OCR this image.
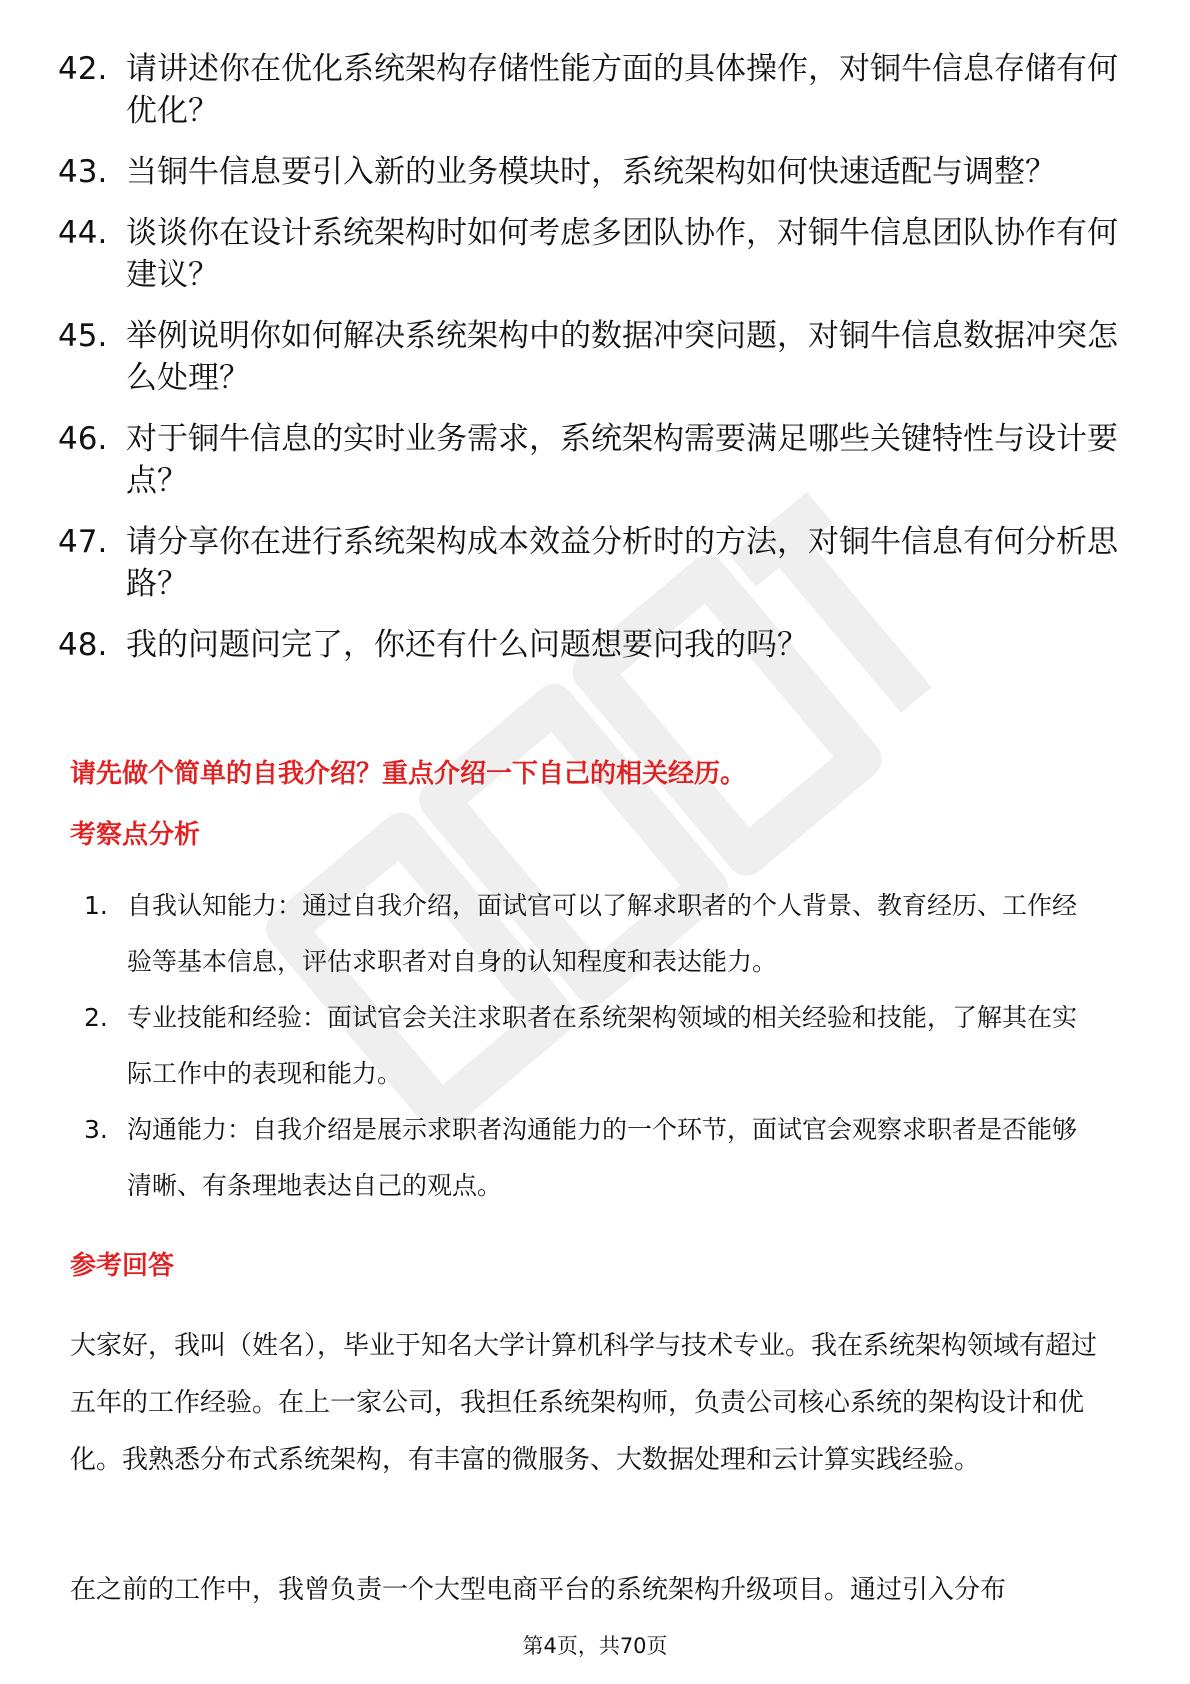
42. 请讲述你在优化系统架构存储性能方面的具体操作，对铜牛信息存储有何优化？
43. 当铜牛信息要引入新的业务模块时，系统架构如何快速适配与调整？
44. 谈谈你在设计系统架构时如何考虑多团队协作，对铜牛信息团队协作有何建议？
45. 举例说明你如何解决系统架构中的数据冲突问题，对铜牛信息数据冲突怎么处理？
46. 对于铜牛信息的实时业务需求，系统架构需要满足哪些关键特性与设计要点？
47. 请分享你在进行系统架构成本效益分析时的方法，对铜牛信息有何分析思路？
48. 我的问题问完了，你还有什么问题想要问我的吗？
请先做个简单的自我介绍？重点介绍一下自己的相关经历。
考察点分析
1. 自我认知能力：通过自我介绍，面试官可以了解求职者的个人背景、教育经历、工作经验等基本信息，评估求职者对自身的认知程度和表达能力。
2. 专业技能和经验：面试官会关注求职者在系统架构领域的相关经验和技能，了解其在实际工作中的表现和能力。
3. 沟通能力：自我介绍是展示求职者沟通能力的一个环节，面试官会观察求职者是否能够清晰、有条理地表达自己的观点。
参考回答

大家好，我叫（姓名），毕业于知名大学计算机科学与技术专业。我在系统架构领域有超过五年的工作经验。在上一家公司，我担任系统架构师，负责公司核心系统的架构设计和优化。我熟悉分布式系统架构，有丰富的微服务、大数据处理和云计算实践经验。

在之前的工作中，我曾负责一个大型电商平台的系统架构升级项目。通过引入分布

第4页，共70页
